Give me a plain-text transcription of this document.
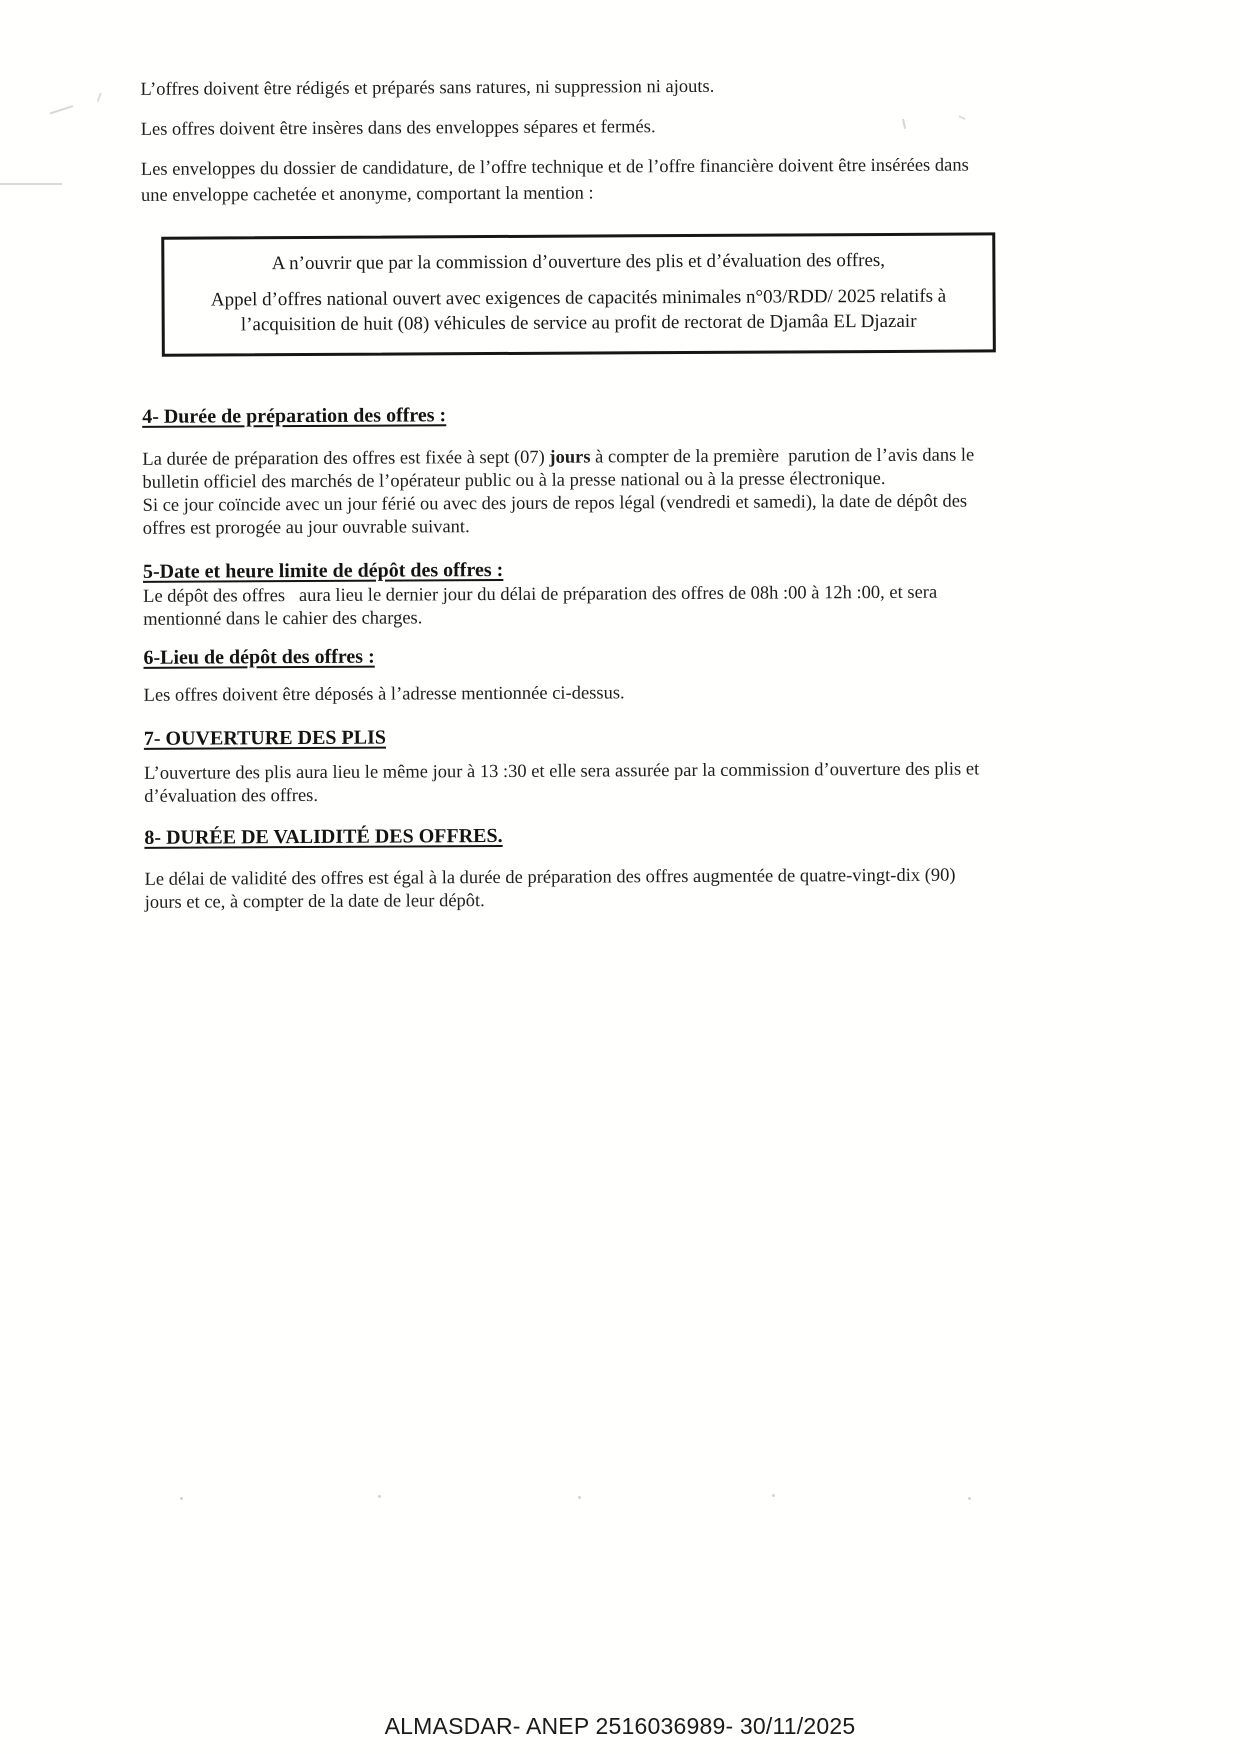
L’offres doivent être rédigés et préparés sans ratures, ni suppression ni ajouts.

Les offres doivent être insères dans des enveloppes sépares et fermés.

Les enveloppes du dossier de candidature, de l’offre technique et de l’offre financière doivent être insérées dans
une enveloppe cachetée et anonyme, comportant la mention :

A n’ouvrir que par la commission d’ouverture des plis et d’évaluation des offres,

Appel d’offres national ouvert avec exigences de capacités minimales n°03/RDD/ 2025 relatifs à
l’acquisition de huit (08) véhicules de service au profit de rectorat de Djamâa EL Djazair

4- Durée de préparation des offres :

La durée de préparation des offres est fixée à sept (07) jours à compter de la première  parution de l’avis dans le
bulletin officiel des marchés de l’opérateur public ou à la presse national ou à la presse électronique.
Si ce jour coïncide avec un jour férié ou avec des jours de repos légal (vendredi et samedi), la date de dépôt des
offres est prorogée au jour ouvrable suivant.

5-Date et heure limite de dépôt des offres :

Le dépôt des offres   aura lieu le dernier jour du délai de préparation des offres de 08h :00 à 12h :00, et sera
mentionné dans le cahier des charges.

6-Lieu de dépôt des offres :

Les offres doivent être déposés à l’adresse mentionnée ci-dessus.

7- OUVERTURE DES PLIS

L’ouverture des plis aura lieu le même jour à 13 :30 et elle sera assurée par la commission d’ouverture des plis et
d’évaluation des offres.

8- DURÉE DE VALIDITÉ DES OFFRES.

Le délai de validité des offres est égal à la durée de préparation des offres augmentée de quatre-vingt-dix (90)
jours et ce, à compter de la date de leur dépôt.

ALMASDAR- ANEP 2516036989- 30/11/2025
